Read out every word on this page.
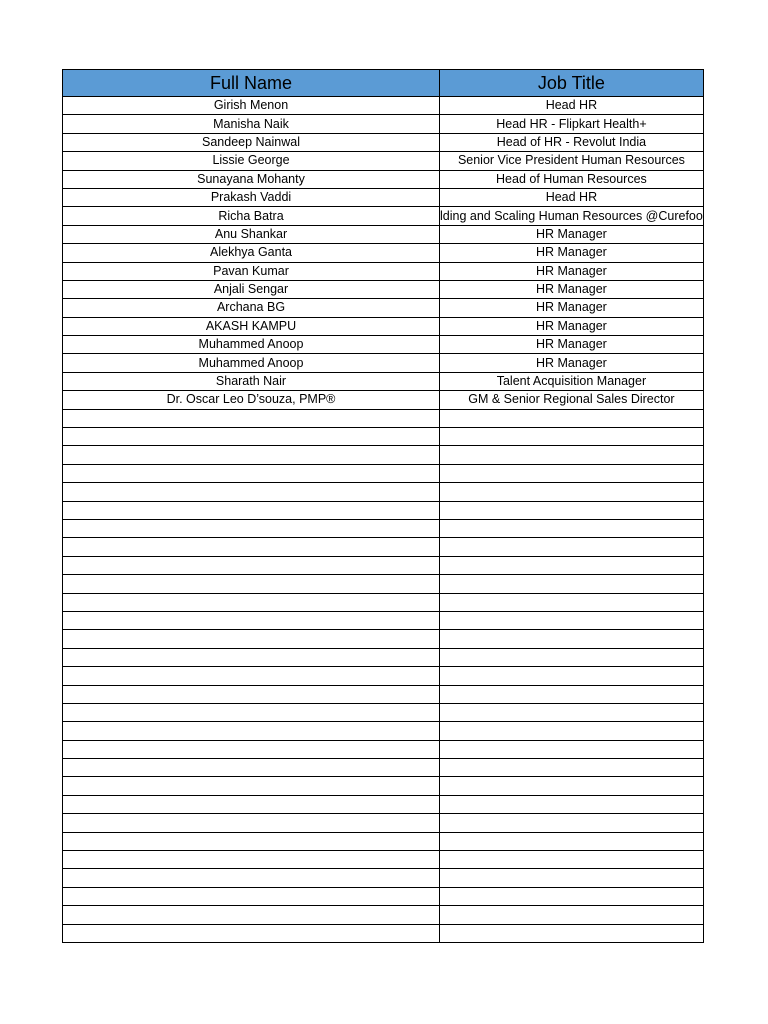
Full Name	Job Title
Girish Menon	Head HR
Manisha Naik	Head HR - Flipkart Health+
Sandeep Nainwal	Head of HR - Revolut India
Lissie George	Senior Vice President Human Resources
Sunayana Mohanty	Head of Human Resources
Prakash Vaddi	Head HR
Richa Batra	lding and Scaling Human Resources @Curefoo
Anu Shankar	HR Manager
Alekhya Ganta	HR Manager
Pavan Kumar	HR Manager
Anjali Sengar	HR Manager
Archana BG	HR Manager
AKASH KAMPU	HR Manager
Muhammed Anoop	HR Manager
Muhammed Anoop	HR Manager
Sharath Nair	Talent Acquisition Manager
Dr. Oscar Leo D’souza, PMP®	GM & Senior Regional Sales Director
